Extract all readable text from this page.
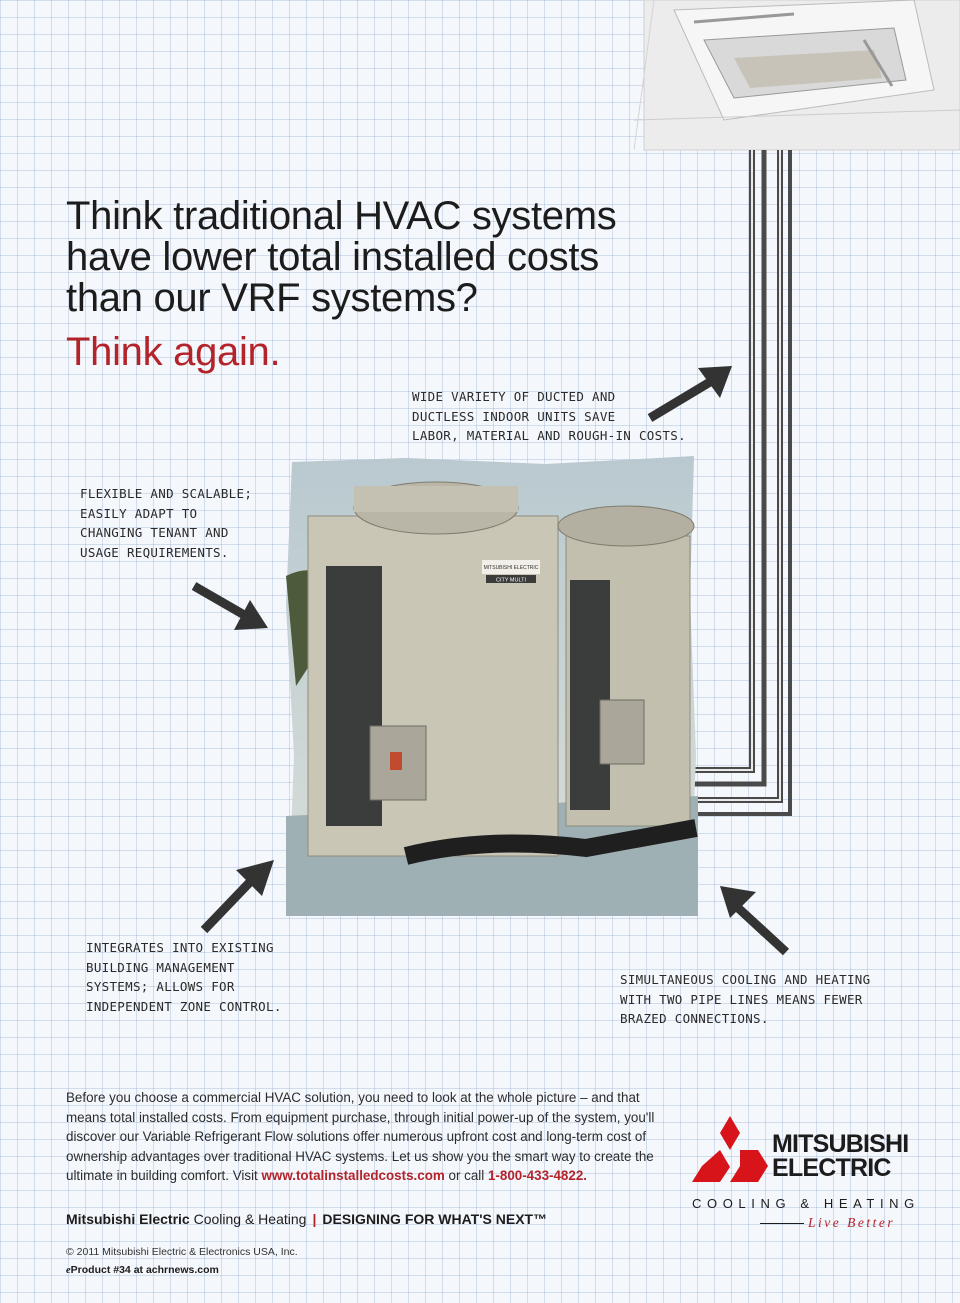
Think traditional HVAC systems
have lower total installed costs
than our VRF systems?
Think again.
WIDE VARIETY OF DUCTED AND
DUCTLESS INDOOR UNITS SAVE
LABOR, MATERIAL AND ROUGH-IN COSTS.
FLEXIBLE AND SCALABLE;
EASILY ADAPT TO
CHANGING TENANT AND
USAGE REQUIREMENTS.
INTEGRATES INTO EXISTING
BUILDING MANAGEMENT
SYSTEMS; ALLOWS FOR
INDEPENDENT ZONE CONTROL.
SIMULTANEOUS COOLING AND HEATING
WITH TWO PIPE LINES MEANS FEWER
BRAZED CONNECTIONS.
MITSUBISHI ELECTRIC
CITY MULTI

Before you choose a commercial HVAC solution, you need to look at the whole picture – and that means total installed costs. From equipment purchase, through initial power-up of the system, you'll discover our Variable Refrigerant Flow solutions offer numerous upfront cost and long-term cost of ownership advantages over traditional HVAC systems. Let us show you the smart way to create the ultimate in building comfort. Visit www.totalinstalledcosts.com or call 1-800-433-4822.

Mitsubishi Electric Cooling & Heating | DESIGNING FOR WHAT'S NEXT™

© 2011 Mitsubishi Electric & Electronics USA, Inc.

eProduct #34 at achrnews.com

MITSUBISHI

ELECTRIC

COOLING & HEATING

Live Better
